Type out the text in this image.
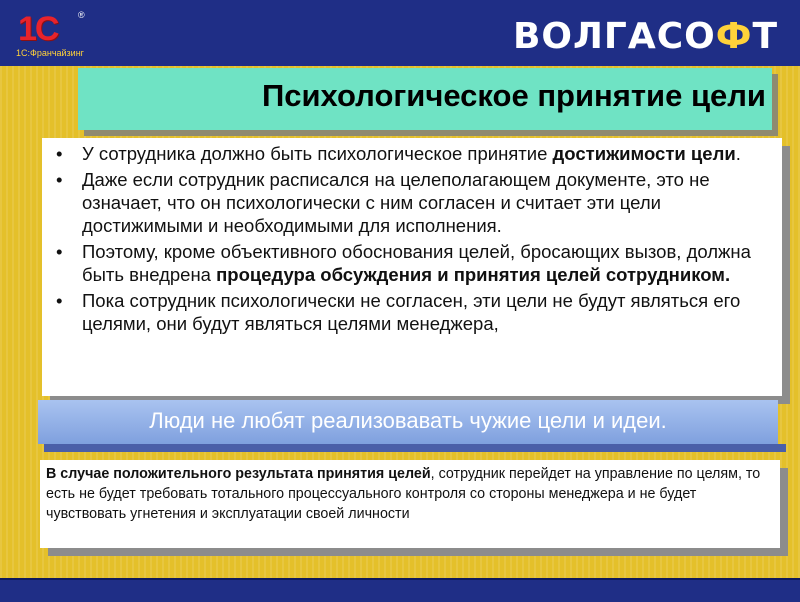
1С ®
1С:Франчайзинг	ВОЛГАСОФТ
Психологическое принятие цели
• У сотрудника должно быть психологическое принятие достижимости цели.
• Даже если сотрудник расписался на целеполагающем документе, это не означает, что он психологически с ним согласен и считает эти цели достижимыми и необходимыми для исполнения.
• Поэтому, кроме объективного обоснования целей, бросающих вызов, должна быть внедрена процедура обсуждения и принятия целей сотрудником.
• Пока сотрудник психологически не согласен, эти цели не будут являться его целями, они будут являться целями менеджера,
Люди не любят реализовавать чужие цели и идеи.

В случае положительного результата принятия целей, сотрудник перейдет на управление по целям, то есть не будет требовать тотального процессуального контроля со стороны менеджера и не будет чувствовать угнетения и эксплуатации своей личности
